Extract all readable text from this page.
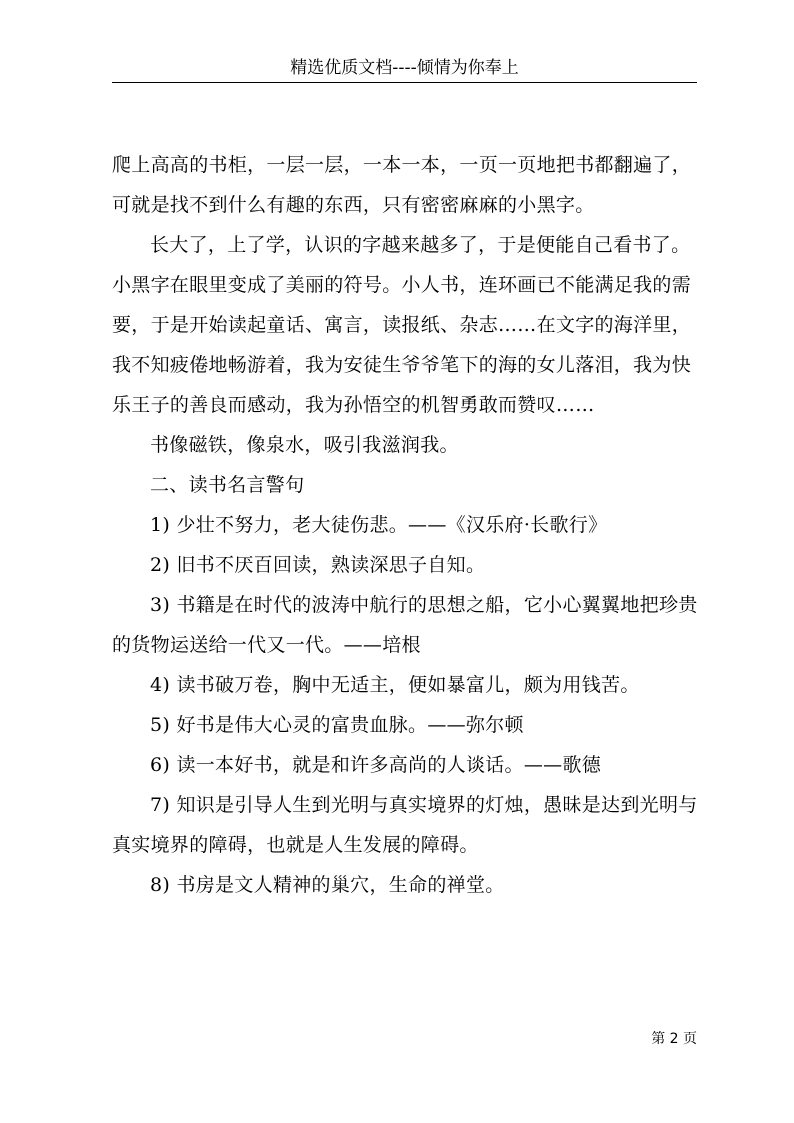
精选优质文档----倾情为你奉上

爬上高高的书柜，一层一层，一本一本，一页一页地把书都翻遍了，可就是找不到什么有趣的东西，只有密密麻麻的小黑字。

长大了，上了学，认识的字越来越多了，于是便能自己看书了。小黑字在眼里变成了美丽的符号。小人书，连环画已不能满足我的需要，于是开始读起童话、寓言，读报纸、杂志……在文字的海洋里，我不知疲倦地畅游着，我为安徒生爷爷笔下的海的女儿落泪，我为快乐王子的善良而感动，我为孙悟空的机智勇敢而赞叹……

书像磁铁，像泉水，吸引我滋润我。

二、读书名言警句

1) 少壮不努力，老大徒伤悲。——《汉乐府·长歌行》

2) 旧书不厌百回读，熟读深思子自知。

3) 书籍是在时代的波涛中航行的思想之船，它小心翼翼地把珍贵的货物运送给一代又一代。——培根

4) 读书破万卷，胸中无适主，便如暴富儿，颇为用钱苦。

5) 好书是伟大心灵的富贵血脉。——弥尔顿

6) 读一本好书，就是和许多高尚的人谈话。——歌德

7) 知识是引导人生到光明与真实境界的灯烛，愚昧是达到光明与真实境界的障碍，也就是人生发展的障碍。

8) 书房是文人精神的巢穴，生命的禅堂。

第 2 页
